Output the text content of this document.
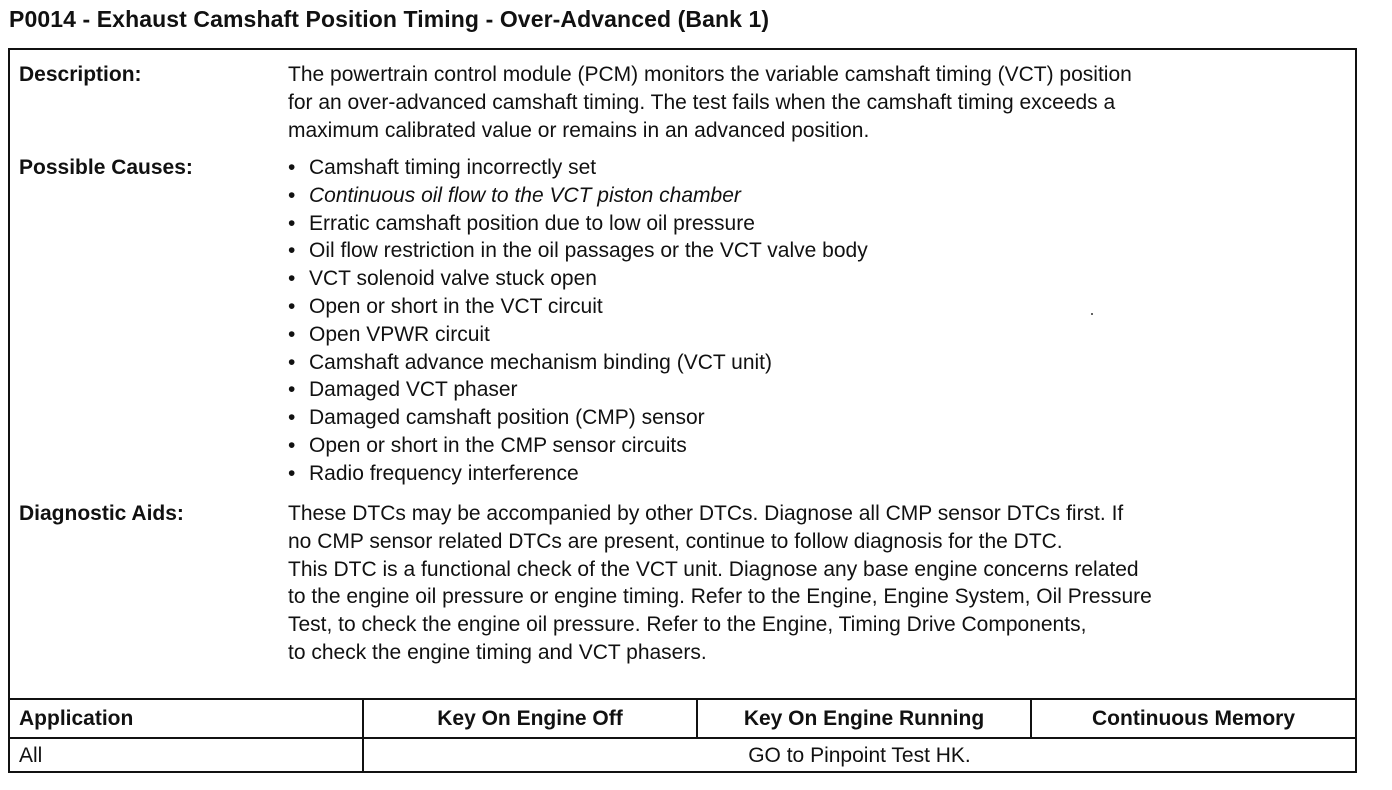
P0014 - Exhaust Camshaft Position Timing - Over-Advanced (Bank 1)
Description:	The powertrain control module (PCM) monitors the variable camshaft timing (VCT) position
for an over-advanced camshaft timing. The test fails when the camshaft timing exceeds a
maximum calibrated value or remains in an advanced position.
Possible Causes:	• Camshaft timing incorrectly set
• Continuous oil flow to the VCT piston chamber
• Erratic camshaft position due to low oil pressure
• Oil flow restriction in the oil passages or the VCT valve body
• VCT solenoid valve stuck open
• Open or short in the VCT circuit
• Open VPWR circuit
• Camshaft advance mechanism binding (VCT unit)
• Damaged VCT phaser
• Damaged camshaft position (CMP) sensor
• Open or short in the CMP sensor circuits
• Radio frequency interference
Diagnostic Aids:	These DTCs may be accompanied by other DTCs. Diagnose all CMP sensor DTCs first. If
no CMP sensor related DTCs are present, continue to follow diagnosis for the DTC.
This DTC is a functional check of the VCT unit. Diagnose any base engine concerns related
to the engine oil pressure or engine timing. Refer to the Engine, Engine System, Oil Pressure
Test, to check the engine oil pressure. Refer to the Engine, Timing Drive Components,
to check the engine timing and VCT phasers.
Application	Key On Engine Off	Key On Engine Running	Continuous Memory
All	GO to Pinpoint Test HK.
